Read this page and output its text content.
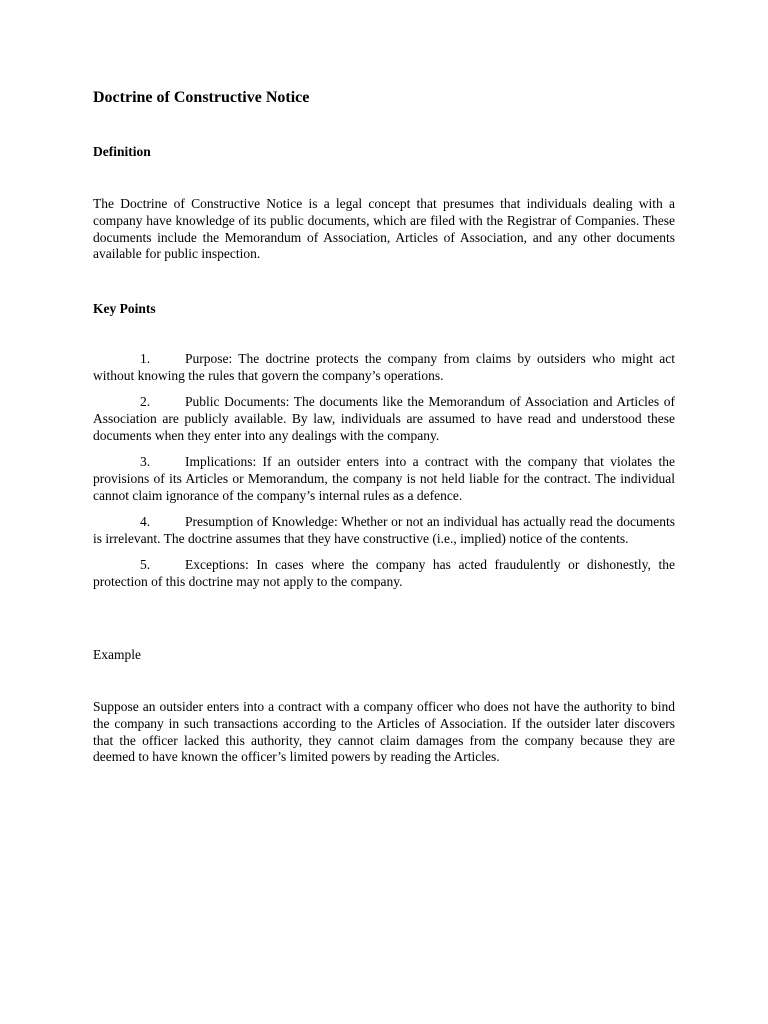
Doctrine of Constructive Notice
Definition

The Doctrine of Constructive Notice is a legal concept that presumes that individuals dealing with a company have knowledge of its public documents, which are filed with the Registrar of Companies. These documents include the Memorandum of Association, Articles of Association, and any other documents available for public inspection.

Key Points
1.	Purpose: The doctrine protects the company from claims by outsiders who might act without knowing the rules that govern the company’s operations.
2.	Public Documents: The documents like the Memorandum of Association and Articles of Association are publicly available. By law, individuals are assumed to have read and understood these documents when they enter into any dealings with the company.
3.	Implications: If an outsider enters into a contract with the company that violates the provisions of its Articles or Memorandum, the company is not held liable for the contract. The individual cannot claim ignorance of the company’s internal rules as a defence.
4.	Presumption of Knowledge: Whether or not an individual has actually read the documents is irrelevant. The doctrine assumes that they have constructive (i.e., implied) notice of the contents.
5.	Exceptions: In cases where the company has acted fraudulently or dishonestly, the protection of this doctrine may not apply to the company.
Example

Suppose an outsider enters into a contract with a company officer who does not have the authority to bind the company in such transactions according to the Articles of Association. If the outsider later discovers that the officer lacked this authority, they cannot claim damages from the company because they are deemed to have known the officer’s limited powers by reading the Articles.
